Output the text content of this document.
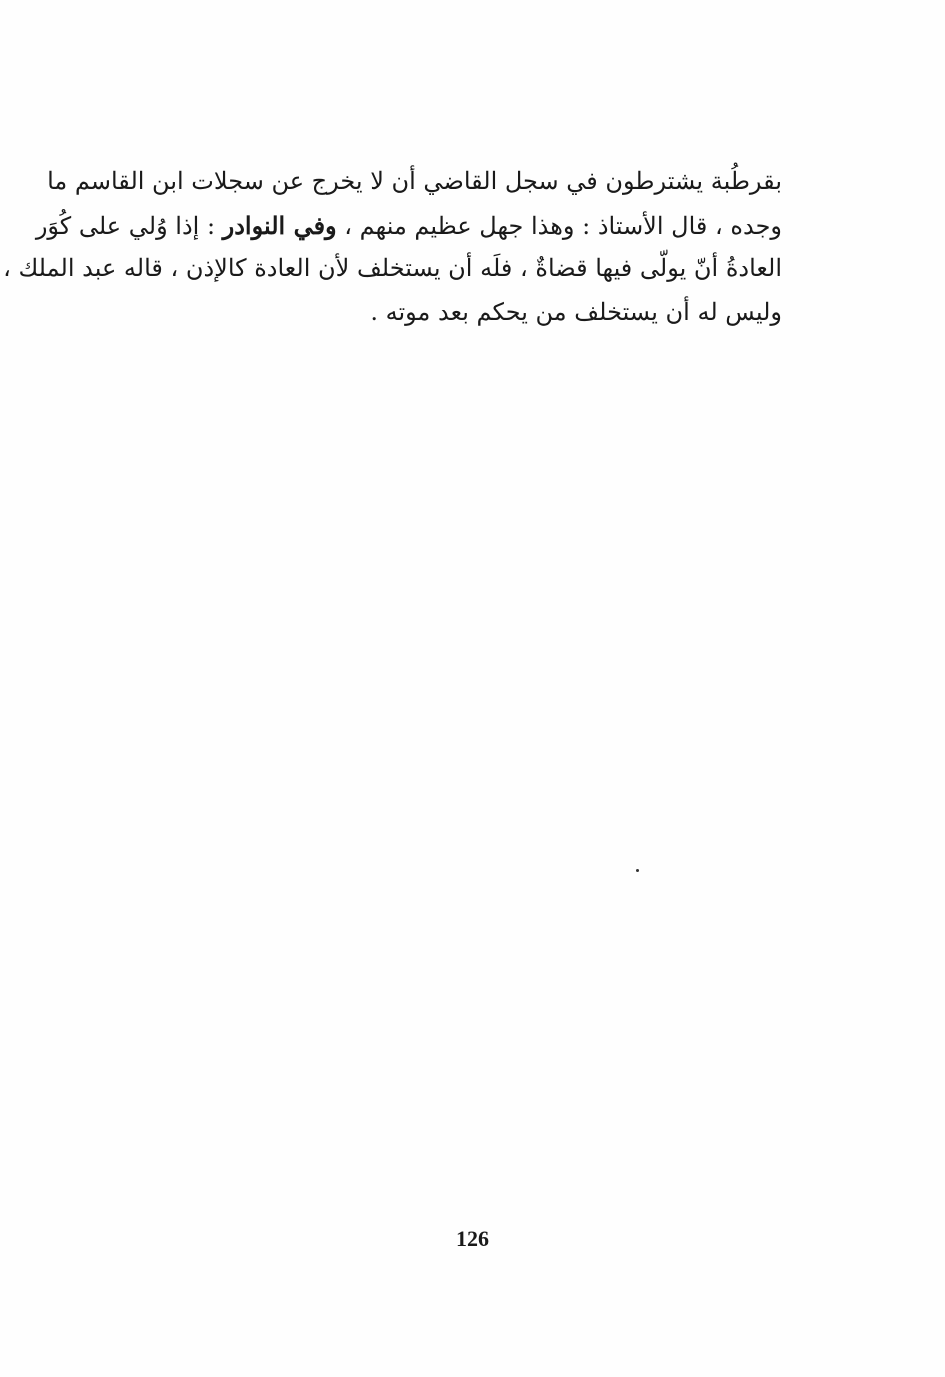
بقرطُبة يشترطون في سجل القاضي أن لا يخرج عن سجلات ابن القاسم ما
وجده ، قال الأستاذ : وهذا جهل عظيم منهم ، وفي النوادر : إذا وُلي على كُوَر
العادةُ أنّ يولّى فيها قضاةٌ ، فلَه أن يستخلف لأن العادة كالإذن ، قاله عبد الملك ،
وليس له أن يستخلف من يحكم بعد موته .
126
